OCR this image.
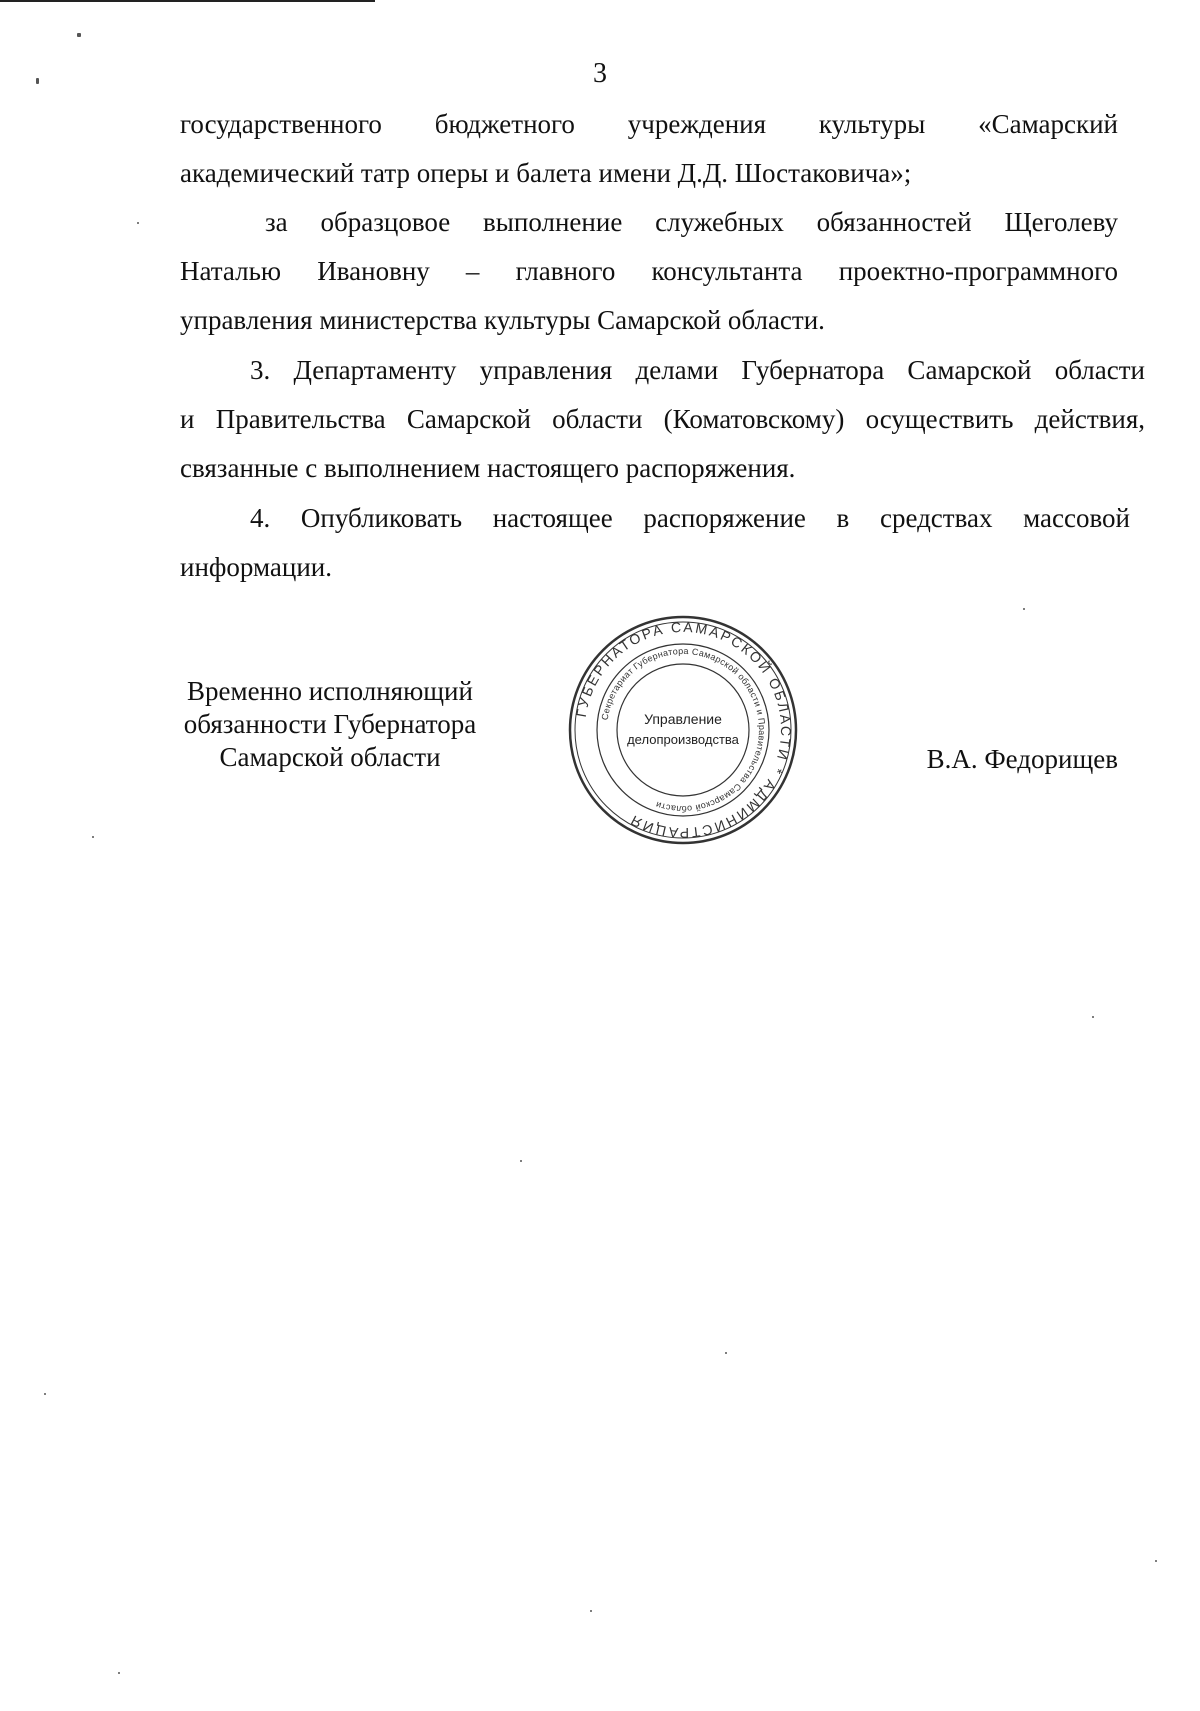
3
государственного бюджетного учреждения культуры «Самарский
академический татр оперы и балета имени Д.Д. Шостаковича»;
за образцовое выполнение служебных обязанностей Щеголеву
Наталью Ивановну – главного консультанта проектно-программного
управления министерства культуры Самарской области.
3. Департаменту управления делами Губернатора Самарской области
и Правительства Самарской области (Коматовскому) осуществить действия,
связанные с выполнением настоящего распоряжения.
4. Опубликовать настоящее распоряжение в средствах массовой
информации.
Временно исполняющий
обязанности Губернатора
Самарской области	В.А. Федорищев
ГУБЕРНАТОРА САМАРСКОЙ ОБЛАСТИ * АДМИНИСТРАЦИЯ
Секретариат Губернатора Самарской области и Правительства Самарской области
Управление
делопроизводства
